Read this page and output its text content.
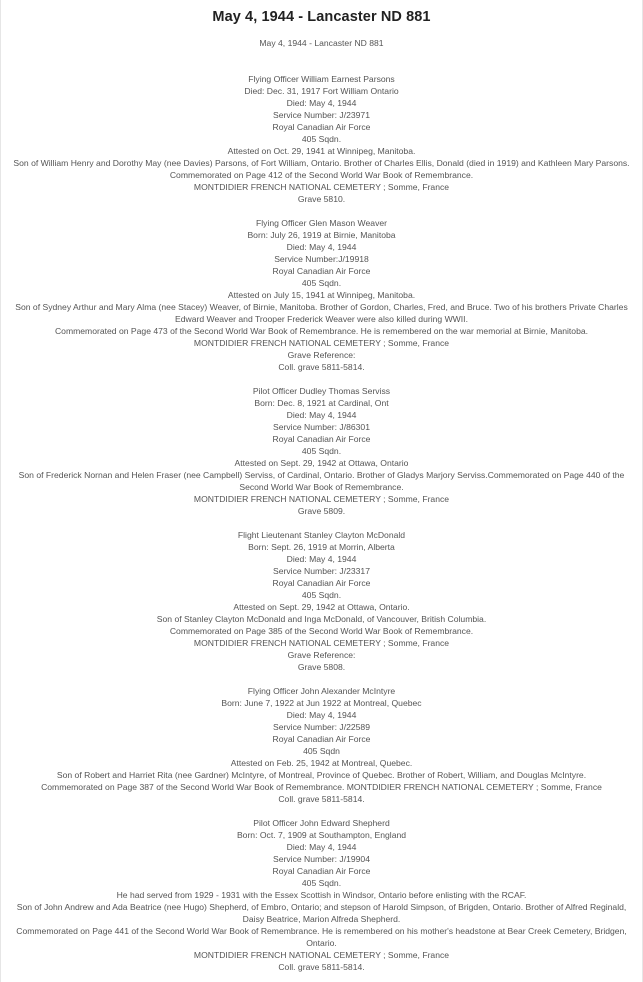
May 4, 1944 - Lancaster ND 881
May 4, 1944 - Lancaster ND 881
Flying Officer William Earnest Parsons
Died: Dec. 31, 1917 Fort William Ontario
Died: May 4, 1944
Service Number: J/23971
Royal Canadian Air Force
405 Sqdn.
Attested on Oct. 29, 1941 at Winnipeg, Manitoba.
Son of William Henry and Dorothy May (nee Davies) Parsons, of Fort William, Ontario. Brother of Charles Ellis, Donald (died in 1919) and Kathleen Mary Parsons.
Commemorated on Page 412 of the Second World War Book of Remembrance.
MONTDIDIER FRENCH NATIONAL CEMETERY ; Somme, France
Grave 5810.
Flying Officer Glen Mason Weaver
Born: July 26, 1919 at Birnie, Manitoba
Died: May 4, 1944
Service Number:J/19918
Royal Canadian Air Force
405 Sqdn.
Attested on July 15, 1941 at Winnipeg, Manitoba.
Son of Sydney Arthur and Mary Alma (nee Stacey) Weaver, of Birnie, Manitoba. Brother of Gordon, Charles, Fred, and Bruce. Two of his brothers Private Charles Edward Weaver and Trooper Frederick Weaver were also killed during WWII.
Commemorated on Page 473 of the Second World War Book of Remembrance. He is remembered on the war memorial at Birnie, Manitoba.
MONTDIDIER FRENCH NATIONAL CEMETERY ; Somme, France
Grave Reference:
Coll. grave 5811-5814.
Pilot Officer Dudley Thomas Serviss
Born: Dec. 8, 1921 at Cardinal, Ont
Died: May 4, 1944
Service Number: J/86301
Royal Canadian Air Force
405 Sqdn.
Attested on Sept. 29, 1942 at Ottawa, Ontario
Son of Frederick Nornan and Helen Fraser (nee Campbell) Serviss, of Cardinal, Ontario. Brother of Gladys Marjory Serviss.Commemorated on Page 440 of the Second World War Book of Remembrance.
MONTDIDIER FRENCH NATIONAL CEMETERY ; Somme, France
Grave 5809.
Flight Lieutenant Stanley Clayton McDonald
Born: Sept. 26, 1919 at Morrin, Alberta
Died: May 4, 1944
Service Number: J/23317
Royal Canadian Air Force
405 Sqdn.
Attested on Sept. 29, 1942 at Ottawa, Ontario.
Son of Stanley Clayton McDonald and Inga McDonald, of Vancouver, British Columbia.
Commemorated on Page 385 of the Second World War Book of Remembrance.
MONTDIDIER FRENCH NATIONAL CEMETERY ; Somme, France
Grave Reference:
Grave 5808.
Flying Officer John Alexander McIntyre
Born: June 7, 1922 at Jun 1922 at Montreal, Quebec
Died: May 4, 1944
Service Number: J/22589
Royal Canadian Air Force
405 Sqdn
Attested on Feb. 25, 1942 at Montreal, Quebec.
Son of Robert and Harriet Rita (nee Gardner) McIntyre, of Montreal, Province of Quebec. Brother of Robert, William, and Douglas McIntyre.
Commemorated on Page 387 of the Second World War Book of Remembrance. MONTDIDIER FRENCH NATIONAL CEMETERY ; Somme, France
Coll. grave 5811-5814.
Pilot Officer John Edward Shepherd
Born: Oct. 7, 1909 at Southampton, England
Died: May 4, 1944
Service Number: J/19904
Royal Canadian Air Force
405 Sqdn.
He had served from 1929 - 1931 with the Essex Scottish in Windsor, Ontario before enlisting with the RCAF.
Son of John Andrew and Ada Beatrice (nee Hugo) Shepherd, of Embro, Ontario; and stepson of Harold Simpson, of Brigden, Ontario. Brother of Alfred Reginald, Daisy Beatrice, Marion Alfreda Shepherd.
Commemorated on Page 441 of the Second World War Book of Remembrance. He is remembered on his mother's headstone at Bear Creek Cemetery, Bridgen, Ontario.
MONTDIDIER FRENCH NATIONAL CEMETERY ; Somme, France
Coll. grave 5811-5814.
